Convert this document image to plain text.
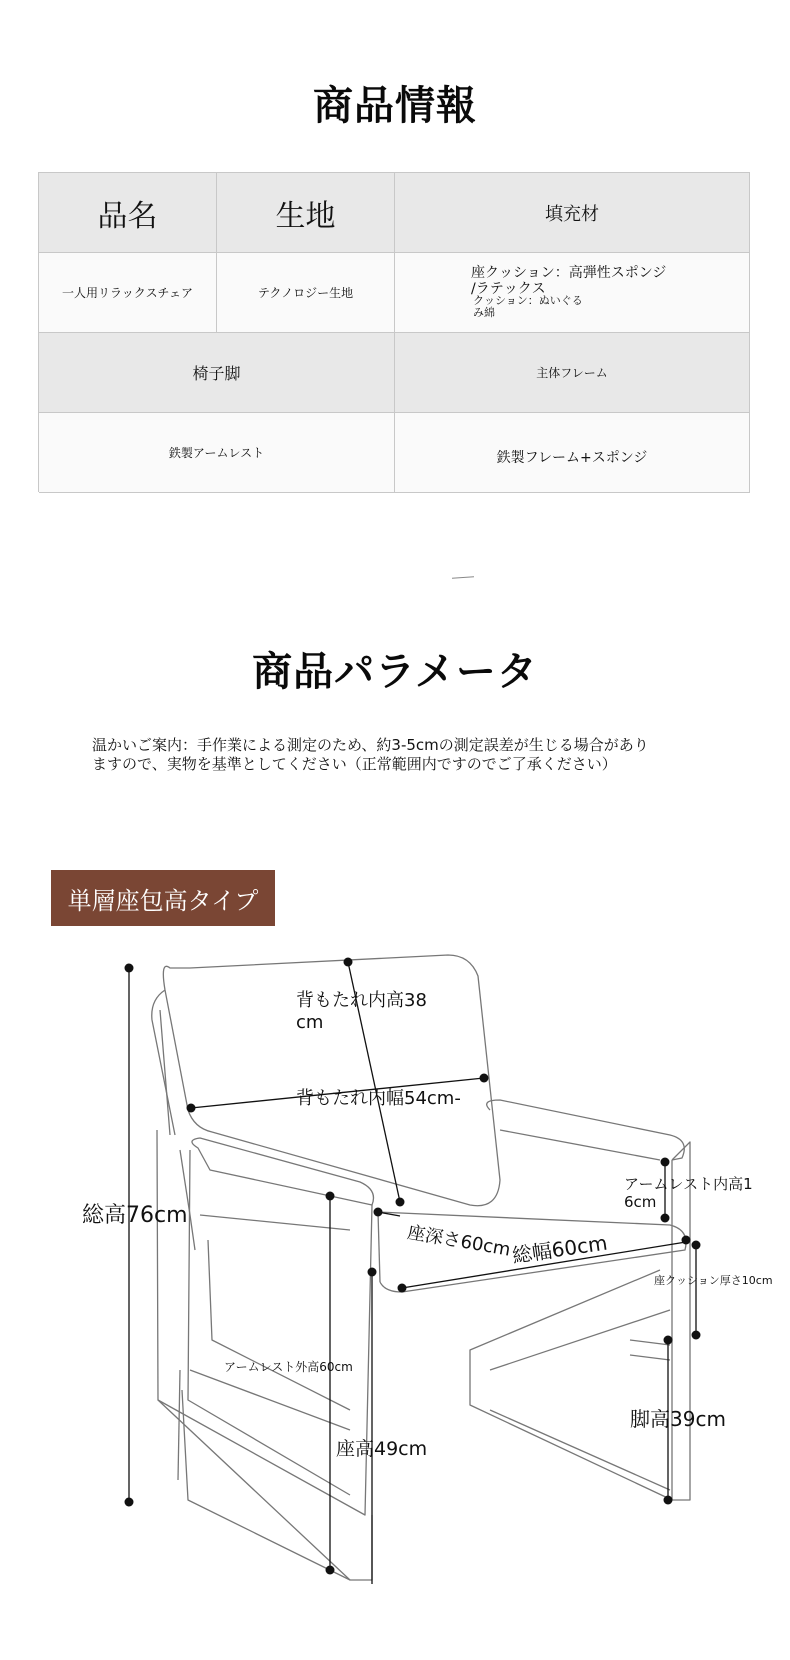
商品情報
品名	生地	填充材
一人用リラックスチェア	テクノロジー生地
座クッション：高弾性スポンジ
/ラテックス
クッション：ぬいぐる
み綿
椅子脚	主体フレーム
鉄製アームレスト	鉄製フレーム+スポンジ
商品パラメータ
温かいご案内：手作業による測定のため、約3-5cmの測定誤差が生じる場合があり
ますので、実物を基準としてください（正常範囲内ですのでご了承ください）
単層座包高タイプ
背もたれ内高38
cm
背もたれ内幅54cm-
総高76cm
アームレスト内高1
6cm
座深さ60cm
総幅60cm
座クッション厚さ10cm
アームレスト外高60cm
脚高39cm
座高49cm
